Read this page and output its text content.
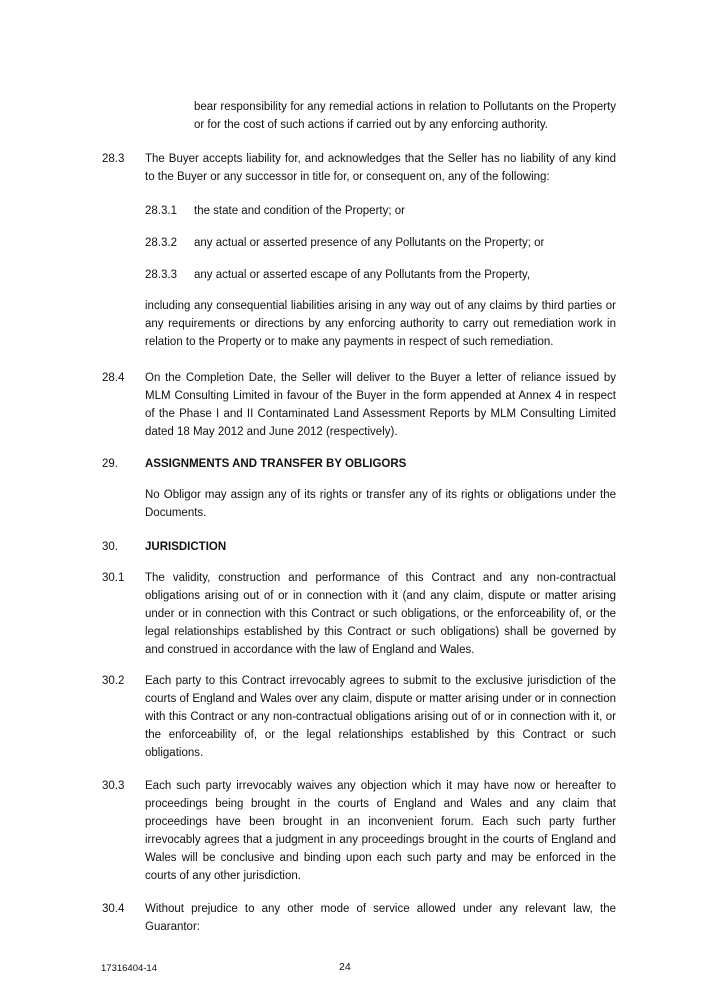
bear responsibility for any remedial actions in relation to Pollutants on the Property or for the cost of such actions if carried out by any enforcing authority.
28.3 The Buyer accepts liability for, and acknowledges that the Seller has no liability of any kind to the Buyer or any successor in title for, or consequent on, any of the following:
28.3.1 the state and condition of the Property; or
28.3.2 any actual or asserted presence of any Pollutants on the Property; or
28.3.3 any actual or asserted escape of any Pollutants from the Property,
including any consequential liabilities arising in any way out of any claims by third parties or any requirements or directions by any enforcing authority to carry out remediation work in relation to the Property or to make any payments in respect of such remediation.
28.4 On the Completion Date, the Seller will deliver to the Buyer a letter of reliance issued by MLM Consulting Limited in favour of the Buyer in the form appended at Annex 4 in respect of the Phase I and II Contaminated Land Assessment Reports by MLM Consulting Limited dated 18 May 2012 and June 2012 (respectively).
29. ASSIGNMENTS AND TRANSFER BY OBLIGORS
No Obligor may assign any of its rights or transfer any of its rights or obligations under the Documents.
30. JURISDICTION
30.1 The validity, construction and performance of this Contract and any non-contractual obligations arising out of or in connection with it (and any claim, dispute or matter arising under or in connection with this Contract or such obligations, or the enforceability of, or the legal relationships established by this Contract or such obligations) shall be governed by and construed in accordance with the law of England and Wales.
30.2 Each party to this Contract irrevocably agrees to submit to the exclusive jurisdiction of the courts of England and Wales over any claim, dispute or matter arising under or in connection with this Contract or any non-contractual obligations arising out of or in connection with it, or the enforceability of, or the legal relationships established by this Contract or such obligations.
30.3 Each such party irrevocably waives any objection which it may have now or hereafter to proceedings being brought in the courts of England and Wales and any claim that proceedings have been brought in an inconvenient forum. Each such party further irrevocably agrees that a judgment in any proceedings brought in the courts of England and Wales will be conclusive and binding upon each such party and may be enforced in the courts of any other jurisdiction.
30.4 Without prejudice to any other mode of service allowed under any relevant law, the Guarantor:
17316404-14	24
